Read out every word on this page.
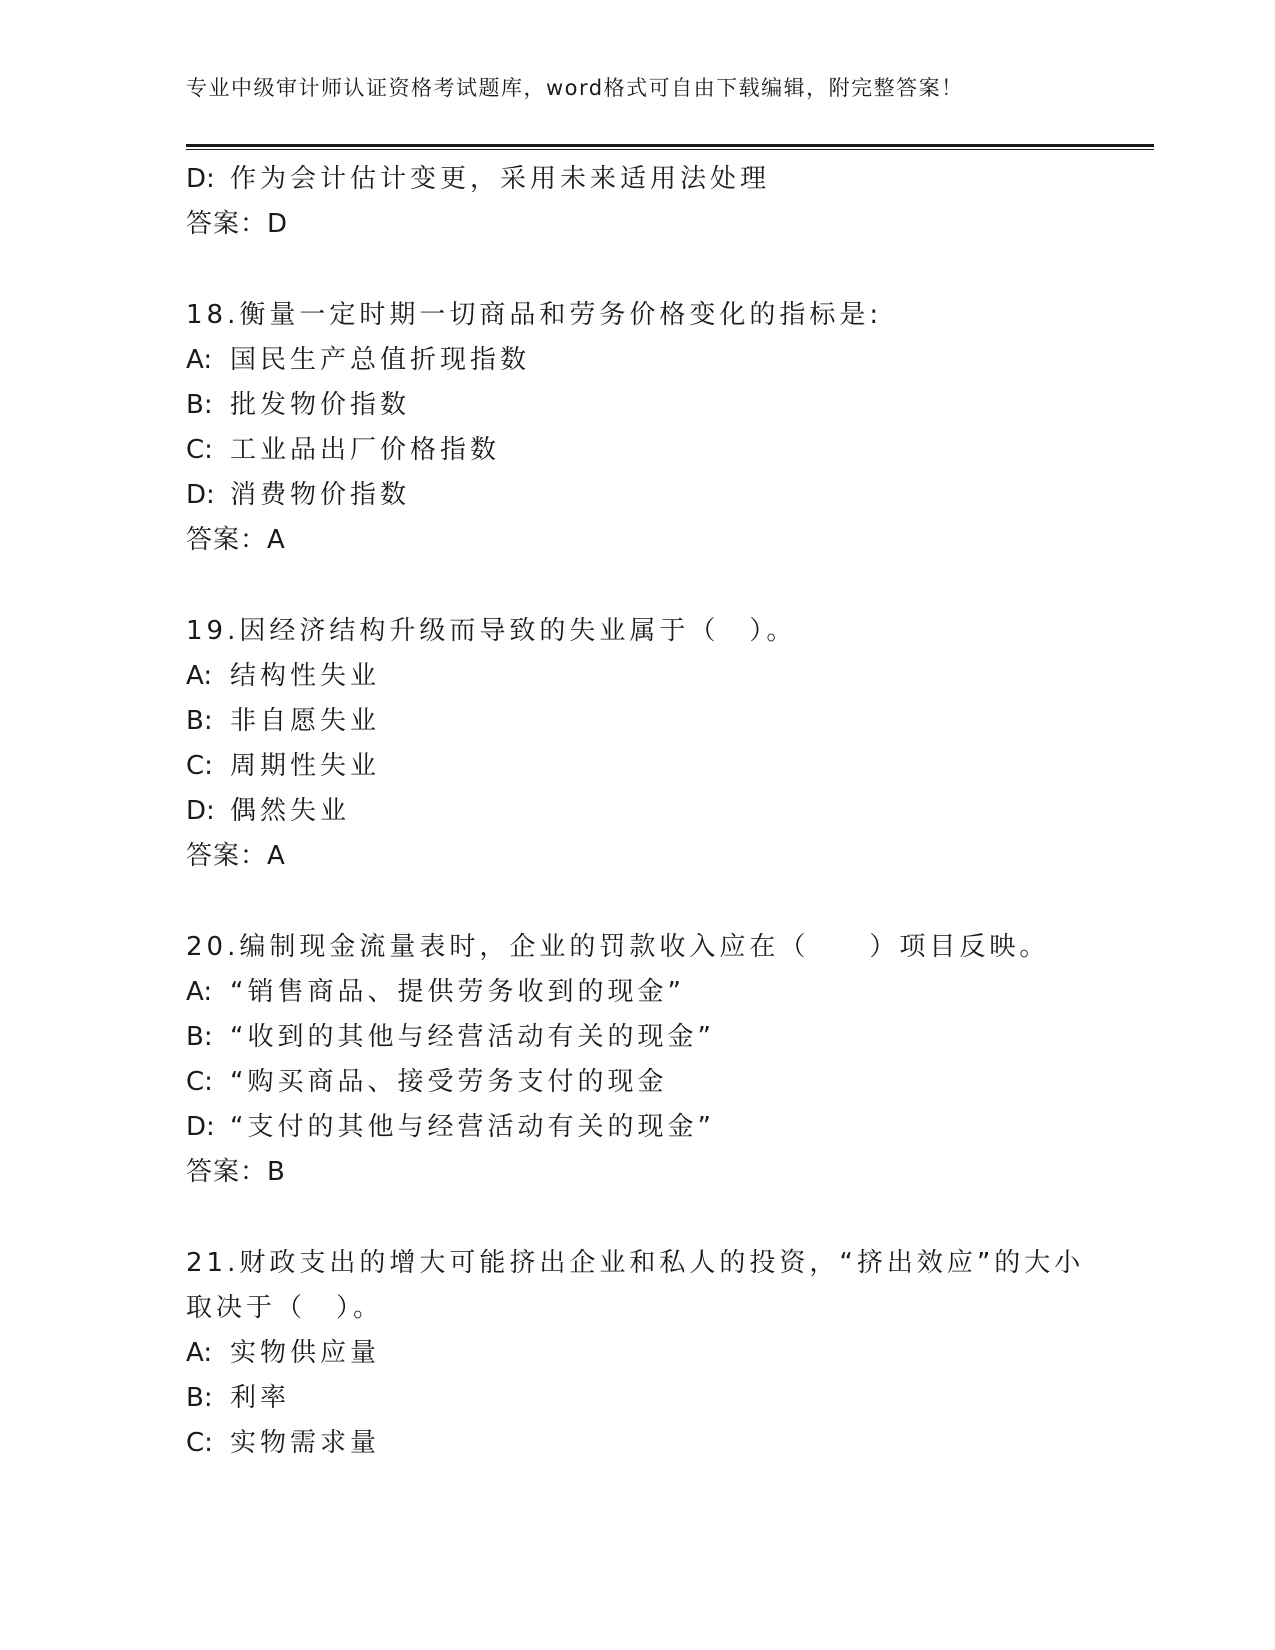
专业中级审计师认证资格考试题库，word格式可自由下载编辑，附完整答案！
D: 作为会计估计变更，采用未来适用法处理
答案：D
18.衡量一定时期一切商品和劳务价格变化的指标是:
A: 国民生产总值折现指数
B: 批发物价指数
C: 工业品出厂价格指数
D: 消费物价指数
答案：A
19.因经济结构升级而导致的失业属于（　）。
A: 结构性失业
B: 非自愿失业
C: 周期性失业
D: 偶然失业
答案：A
20.编制现金流量表时，企业的罚款收入应在（　　）项目反映。
A: “销售商品、提供劳务收到的现金”
B: “收到的其他与经营活动有关的现金”
C: “购买商品、接受劳务支付的现金
D: “支付的其他与经营活动有关的现金”
答案：B
21.财政支出的增大可能挤出企业和私人的投资，“挤出效应”的大小
取决于（　）。
A: 实物供应量
B: 利率
C: 实物需求量
